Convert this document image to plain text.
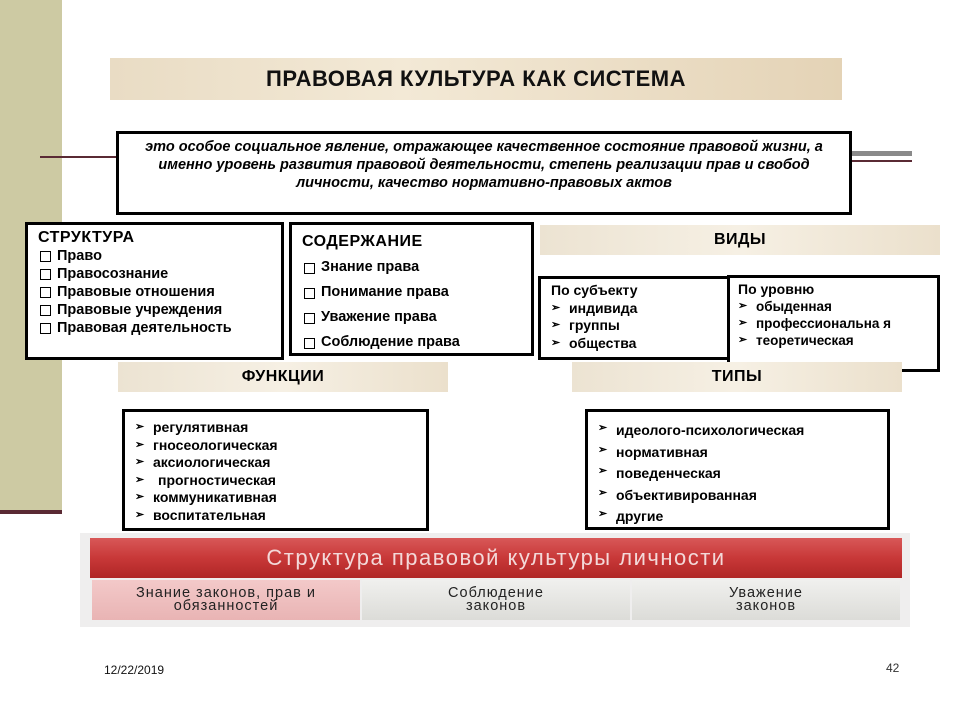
ПРАВОВАЯ КУЛЬТУРА КАК СИСТЕМА
это особое социальное явление, отражающее качественное состояние правовой жизни, а именно уровень развития правовой деятельности, степень реализации прав и свобод личности, качество нормативно-правовых актов
СТРУКТУРА
Право
Правосознание
Правовые отношения
Правовые учреждения
Правовая деятельность
СОДЕРЖАНИЕ
Знание права
Понимание права
Уважение права
Соблюдение права
ВИДЫ
По субъекту
➢ индивида
➢ группы
➢ общества
По уровню
➢ обыденная
➢ профессиональна я
➢ теоретическая
ФУНКЦИИ	ТИПЫ
➢ регулятивная
➢ гносеологическая
➢ аксиологическая
➢ прогностическая
➢ коммуникативная
➢ воспитательная
➢ идеолого-психологическая
➢ нормативная
➢ поведенческая
➢ объективированная
➢ другие
Структура правовой культуры личности
Знание законов, прав и обязанностей
Соблюдение законов
Уважение законов
12/22/2019	42
